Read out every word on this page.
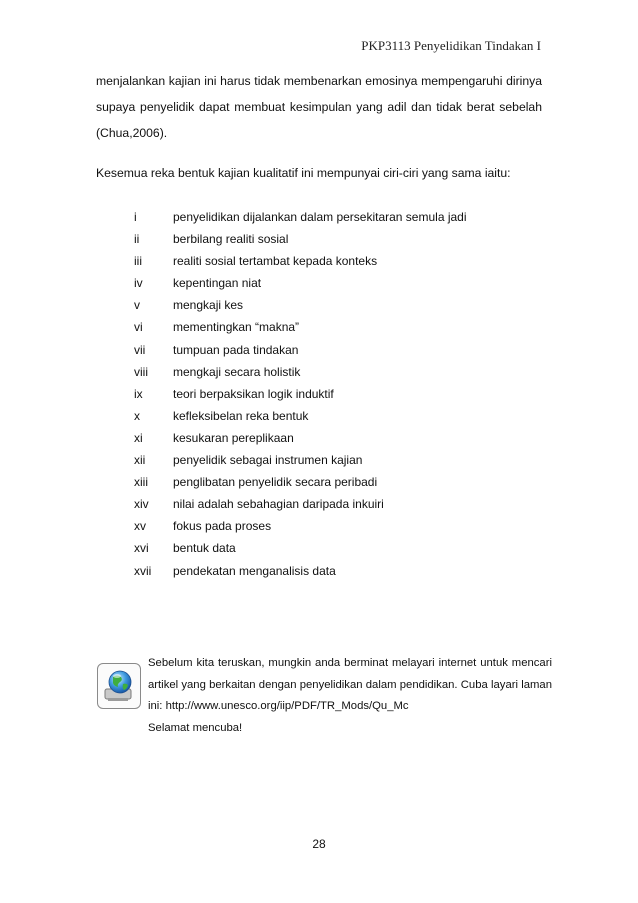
PKP3113 Penyelidikan Tindakan I

menjalankan kajian ini harus tidak membenarkan emosinya mempengaruhi dirinya supaya penyelidik dapat membuat kesimpulan yang adil dan tidak berat sebelah (Chua,2006).

Kesemua reka bentuk kajian kualitatif ini mempunyai ciri-ciri yang sama iaitu:

i	penyelidikan dijalankan dalam persekitaran semula jadi
ii	berbilang realiti sosial
iii	realiti sosial tertambat kepada konteks
iv	kepentingan niat
v	mengkaji kes
vi	mementingkan “makna”
vii	tumpuan pada tindakan
viii	mengkaji secara holistik
ix	teori berpaksikan logik induktif
x	kefleksibelan reka bentuk
xi	kesukaran pereplikaan
xii	penyelidik sebagai instrumen kajian
xiii	penglibatan penyelidik secara peribadi
xiv	nilai adalah sebahagian daripada inkuiri
xv	fokus pada proses
xvi	bentuk data
xvii	pendekatan menganalisis data
Sebelum kita teruskan, mungkin anda berminat melayari internet untuk mencari artikel yang berkaitan dengan penyelidikan dalam pendidikan. Cuba layari laman ini: http://www.unesco.org/iip/PDF/TR_Mods/Qu_Mc
Selamat mencuba!
28
